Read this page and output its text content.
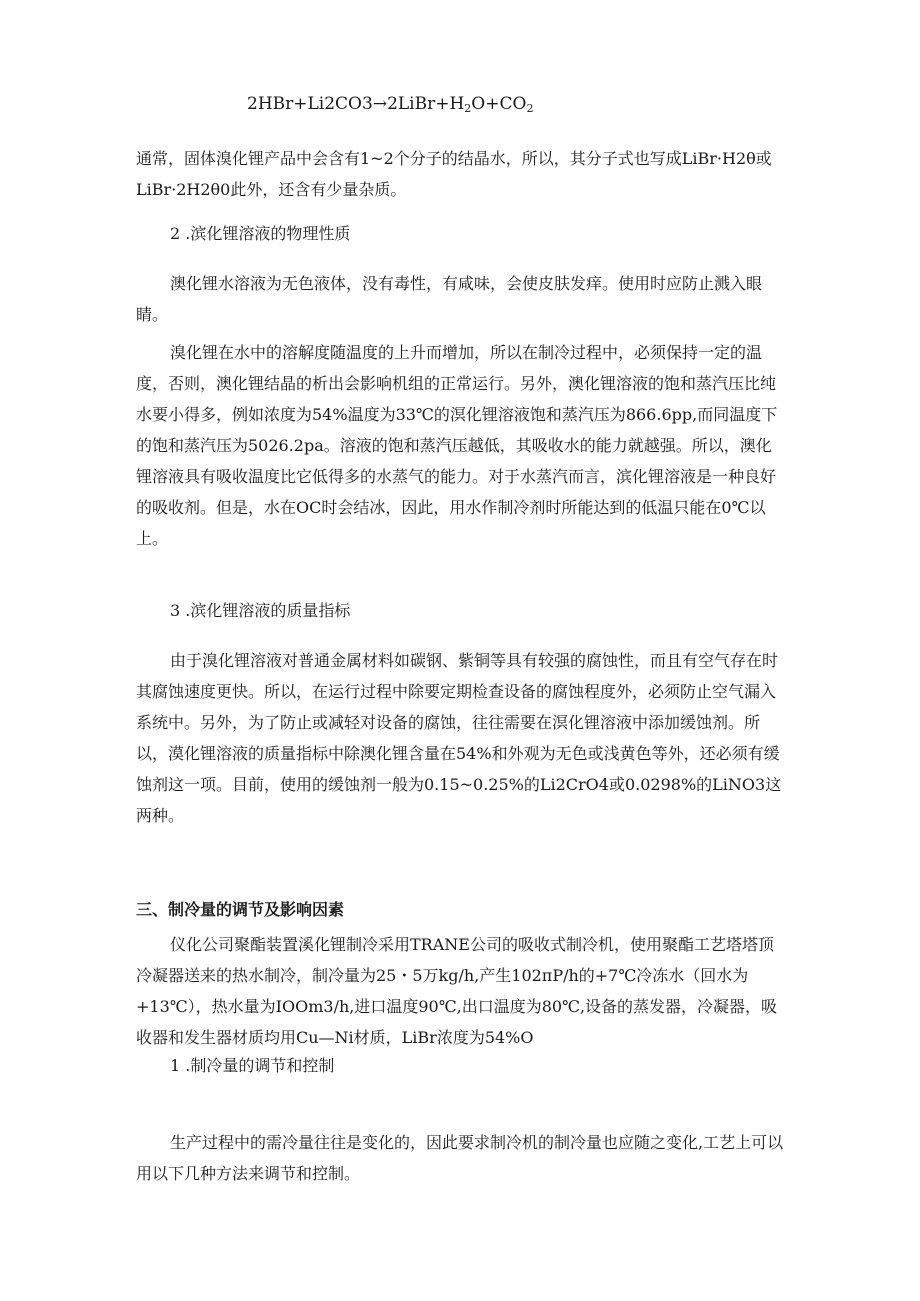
$2HBr+Li2CO3\to 2LiBr+H_2O+CO_2$

通常，固体溴化锂产品中会含有1~2个分子的结晶水，所以，其分子式也写成LiBr·H2θ或LiBr·2H2θ0此外，还含有少量杂质。

2 .滨化锂溶液的物理性质

澳化锂水溶液为无色液体，没有毒性，有咸味，会使皮肤发痒。使用时应防止溅入眼睛。

溴化锂在水中的溶解度随温度的上升而增加，所以在制冷过程中，必须保持一定的温度，否则，澳化锂结晶的析出会影响机组的正常运行。另外，澳化锂溶液的饱和蒸汽压比纯水要小得多，例如浓度为54%温度为33℃的溟化锂溶液饱和蒸汽压为866.6pp,而同温度下的饱和蒸汽压为5026.2pa。溶液的饱和蒸汽压越低，其吸收水的能力就越强。所以，澳化锂溶液具有吸收温度比它低得多的水蒸气的能力。对于水蒸汽而言，滨化锂溶液是一种良好的吸收剂。但是，水在OC时会结冰，因此，用水作制冷剂时所能达到的低温只能在0℃以上。

3 .滨化锂溶液的质量指标

由于溴化锂溶液对普通金属材料如碳钢、紫铜等具有较强的腐蚀性，而且有空气存在时其腐蚀速度更快。所以，在运行过程中除要定期检查设备的腐蚀程度外，必须防止空气漏入系统中。另外，为了防止或减轻对设备的腐蚀，往往需要在溟化锂溶液中添加缓蚀剂。所以，漠化锂溶液的质量指标中除澳化锂含量在54%和外观为无色或浅黄色等外，还必须有缓蚀剂这一项。目前，使用的缓蚀剂一般为0.15~0.25%的Li2CrO4或0.0298%的LiNO3这两种。

三、制冷量的调节及影响因素

仪化公司聚酯装置溪化锂制冷采用TRANE公司的吸收式制冷机，使用聚酯工艺塔塔顶冷凝器送来的热水制冷，制冷量为25・5万kg/h,产生102πP/h的+7℃冷冻水（回水为+13℃），热水量为IOOm3/h,进口温度90℃,出口温度为80℃,设备的蒸发器，冷凝器，吸收器和发生器材质均用Cu—Ni材质，LiBr浓度为54%O

1 .制冷量的调节和控制

生产过程中的需冷量往往是变化的，因此要求制冷机的制冷量也应随之变化,工艺上可以用以下几种方法来调节和控制。
